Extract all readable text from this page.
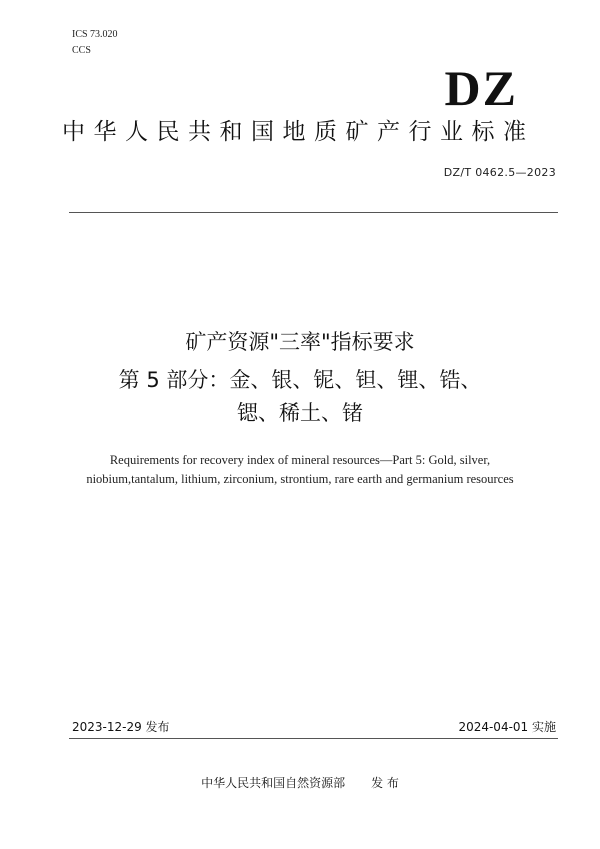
ICS 73.020
CCS
DZ
中华人民共和国地质矿产行业标准
DZ/T 0462.5—2023
矿产资源"三率"指标要求
第 5 部分：金、银、铌、钽、锂、锆、
锶、稀土、锗
Requirements for recovery index of mineral resources—Part 5: Gold, silver,
niobium,tantalum, lithium, zirconium, strontium, rare earth and germanium resources
2023-12-29 发布	2024-04-01 实施
中华人民共和国自然资源部 发 布
